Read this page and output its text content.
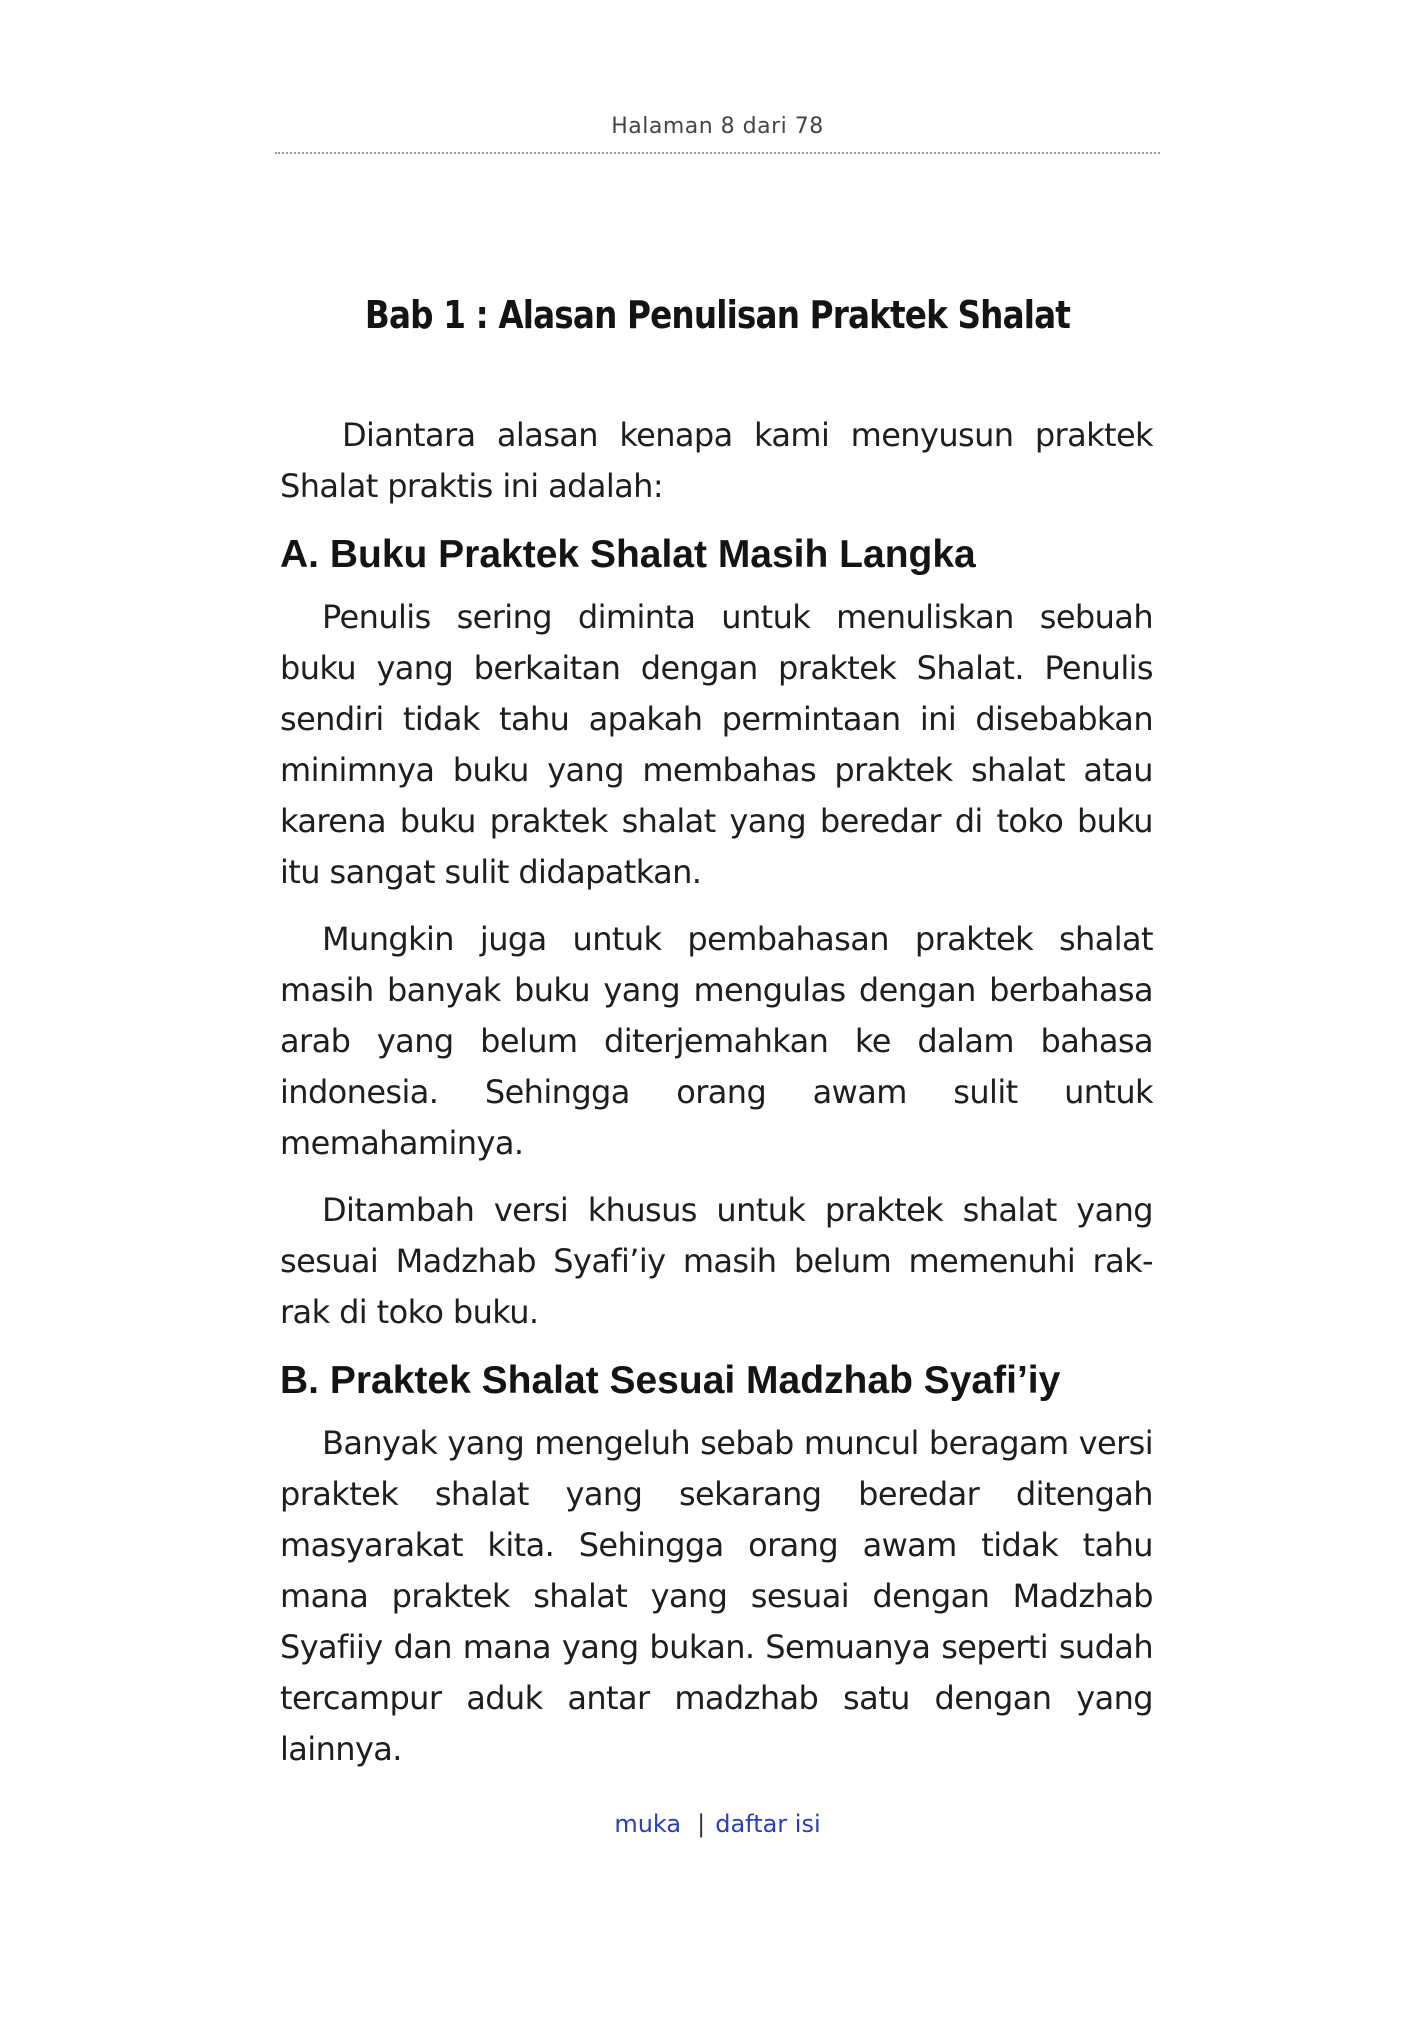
Halaman 8 dari 78
Bab 1 : Alasan Penulisan Praktek Shalat

Diantara alasan kenapa kami menyusun praktek Shalat praktis ini adalah:

A. Buku Praktek Shalat Masih Langka

Penulis sering diminta untuk menuliskan sebuah buku yang berkaitan dengan praktek Shalat. Penulis sendiri tidak tahu apakah permintaan ini disebabkan minimnya buku yang membahas praktek shalat atau karena buku praktek shalat yang beredar di toko buku itu sangat sulit didapatkan.

Mungkin juga untuk pembahasan praktek shalat masih banyak buku yang mengulas dengan berbahasa arab yang belum diterjemahkan ke dalam bahasa indonesia. Sehingga orang awam sulit untuk memahaminya.

Ditambah versi khusus untuk praktek shalat yang sesuai Madzhab Syafi’iy masih belum memenuhi rak-rak di toko buku.

B. Praktek Shalat Sesuai Madzhab Syafi’iy

Banyak yang mengeluh sebab muncul beragam versi praktek shalat yang sekarang beredar ditengah masyarakat kita. Sehingga orang awam tidak tahu mana praktek shalat yang sesuai dengan Madzhab Syafiiy dan mana yang bukan. Semuanya seperti sudah tercampur aduk antar madzhab satu dengan yang lainnya.

muka | daftar isi
